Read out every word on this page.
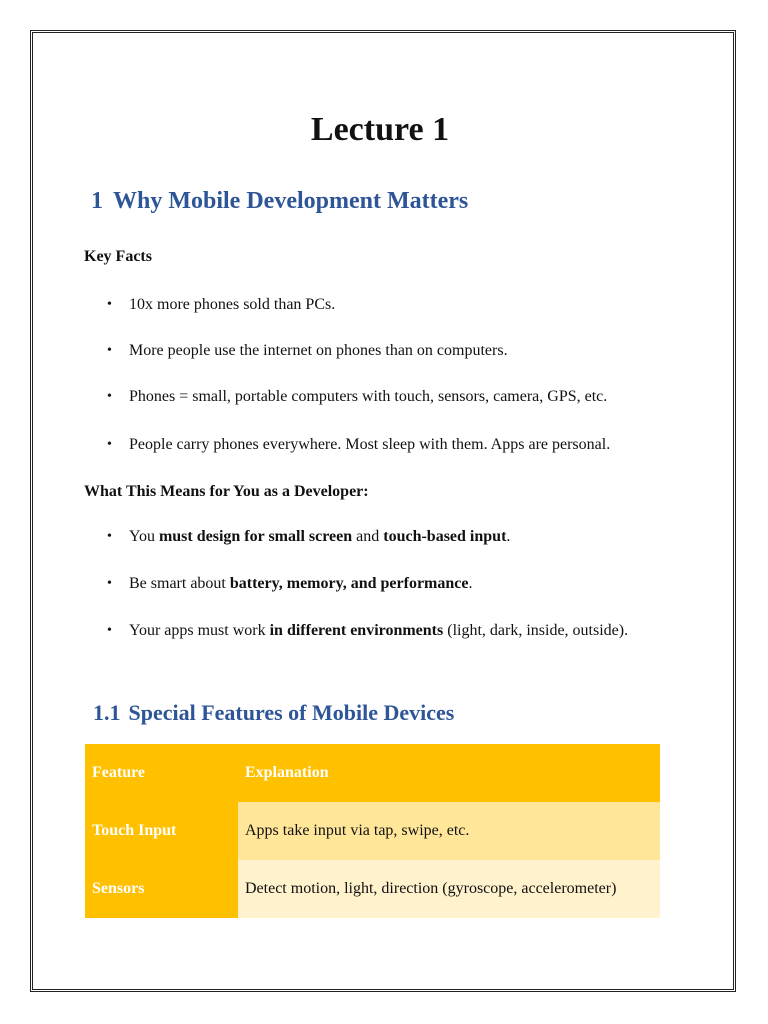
Lecture 1
1 Why Mobile Development Matters

Key Facts

• 10x more phones sold than PCs.
• More people use the internet on phones than on computers.
• Phones = small, portable computers with touch, sensors, camera, GPS, etc.
• People carry phones everywhere. Most sleep with them. Apps are personal.

What This Means for You as a Developer:

• You must design for small screen and touch-based input.
• Be smart about battery, memory, and performance.
• Your apps must work in different environments (light, dark, inside, outside).
1.1 Special Features of Mobile Devices
Feature	Explanation
Touch Input	Apps take input via tap, swipe, etc.
Sensors	Detect motion, light, direction (gyroscope, accelerometer)
